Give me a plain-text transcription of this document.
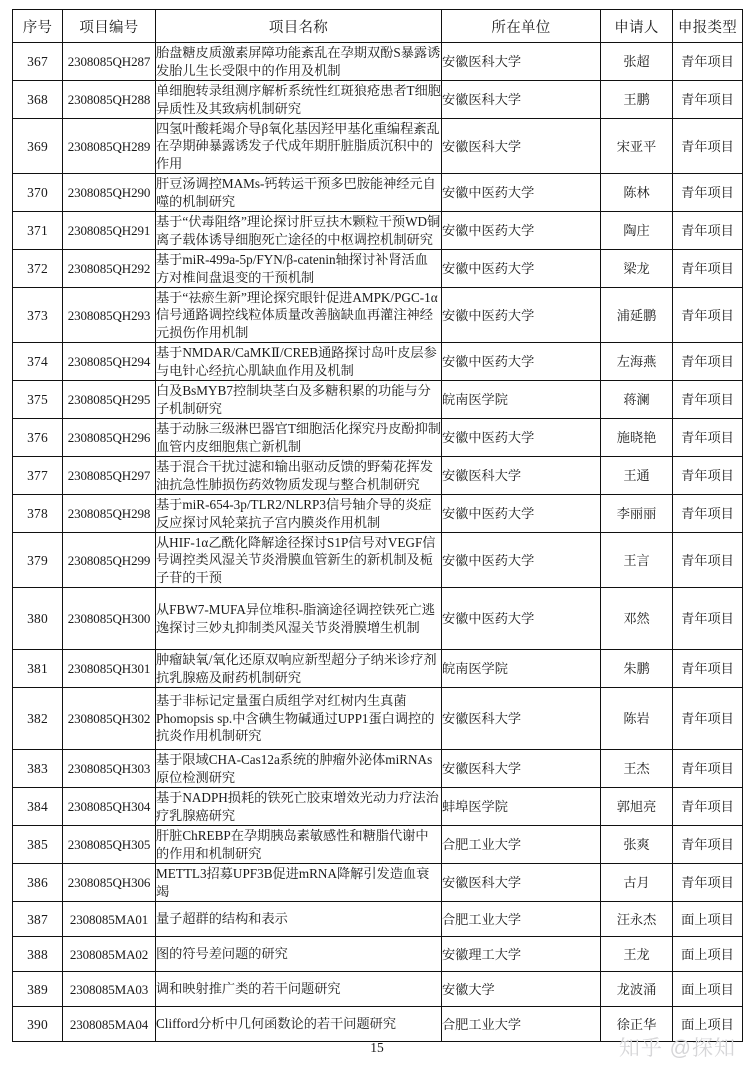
序号	项目编号	项目名称	所在单位	申请人	申报类型
367	2308085QH287	胎盘糖皮质激素屏障功能紊乱在孕期双酚S暴露诱发胎儿生长受限中的作用及机制	安徽医科大学	张超	青年项目
368	2308085QH288	单细胞转录组测序解析系统性红斑狼疮患者T细胞异质性及其致病机制研究	安徽医科大学	王鹏	青年项目
369	2308085QH289	四氢叶酸耗竭介导β氧化基因羟甲基化重编程紊乱在孕期砷暴露诱发子代成年期肝脏脂质沉积中的作用	安徽医科大学	宋亚平	青年项目
370	2308085QH290	肝豆汤调控MAMs-钙转运干预多巴胺能神经元自噬的机制研究	安徽中医药大学	陈林	青年项目
371	2308085QH291	基于“伏毒阻络”理论探讨肝豆扶木颗粒干预WD铜离子载体诱导细胞死亡途径的中枢调控机制研究	安徽中医药大学	陶庄	青年项目
372	2308085QH292	基于miR-499a-5p/FYN/β-catenin轴探讨补肾活血方对椎间盘退变的干预机制	安徽中医药大学	梁龙	青年项目
373	2308085QH293	基于“祛瘀生新”理论探究眼针促进AMPK/PGC-1α信号通路调控线粒体质量改善脑缺血再灌注神经元损伤作用机制	安徽中医药大学	浦延鹏	青年项目
374	2308085QH294	基于NMDAR/CaMKⅡ/CREB通路探讨岛叶皮层参与电针心经抗心肌缺血作用及机制	安徽中医药大学	左海燕	青年项目
375	2308085QH295	白及BsMYB7控制块茎白及多糖积累的功能与分子机制研究	皖南医学院	蒋澜	青年项目
376	2308085QH296	基于动脉三级淋巴器官T细胞活化探究丹皮酚抑制血管内皮细胞焦亡新机制	安徽中医药大学	施晓艳	青年项目
377	2308085QH297	基于混合干扰过滤和输出驱动反馈的野菊花挥发油抗急性肺损伤药效物质发现与整合机制研究	安徽医科大学	王通	青年项目
378	2308085QH298	基于miR-654-3p/TLR2/NLRP3信号轴介导的炎症反应探讨风轮菜抗子宫内膜炎作用机制	安徽中医药大学	李丽丽	青年项目
379	2308085QH299	从HIF-1α乙酰化降解途径探讨S1P信号对VEGF信号调控类风湿关节炎滑膜血管新生的新机制及栀子苷的干预	安徽中医药大学	王言	青年项目
380	2308085QH300	从FBW7-MUFA异位堆积-脂滴途径调控铁死亡逃逸探讨三妙丸抑制类风湿关节炎滑膜增生机制	安徽中医药大学	邓然	青年项目
381	2308085QH301	肿瘤缺氧/氧化还原双响应新型超分子纳米诊疗剂抗乳腺癌及耐药机制研究	皖南医学院	朱鹏	青年项目
382	2308085QH302	基于非标记定量蛋白质组学对红树内生真菌Phomopsis sp.中含碘生物碱通过UPP1蛋白调控的抗炎作用机制研究	安徽医科大学	陈岩	青年项目
383	2308085QH303	基于限域CHA-Cas12a系统的肿瘤外泌体miRNAs原位检测研究	安徽医科大学	王杰	青年项目
384	2308085QH304	基于NADPH损耗的铁死亡胶束增效光动力疗法治疗乳腺癌研究	蚌埠医学院	郭旭亮	青年项目
385	2308085QH305	肝脏ChREBP在孕期胰岛素敏感性和糖脂代谢中的作用和机制研究	合肥工业大学	张爽	青年项目
386	2308085QH306	METTL3招募UPF3B促进mRNA降解引发造血衰竭	安徽医科大学	古月	青年项目
387	2308085MA01	量子超群的结构和表示	合肥工业大学	汪永杰	面上项目
388	2308085MA02	图的符号差问题的研究	安徽理工大学	王龙	面上项目
389	2308085MA03	调和映射推广类的若干问题研究	安徽大学	龙波涌	面上项目
390	2308085MA04	Clifford分析中几何函数论的若干问题研究	合肥工业大学	徐正华	面上项目
15	知乎 @探知
